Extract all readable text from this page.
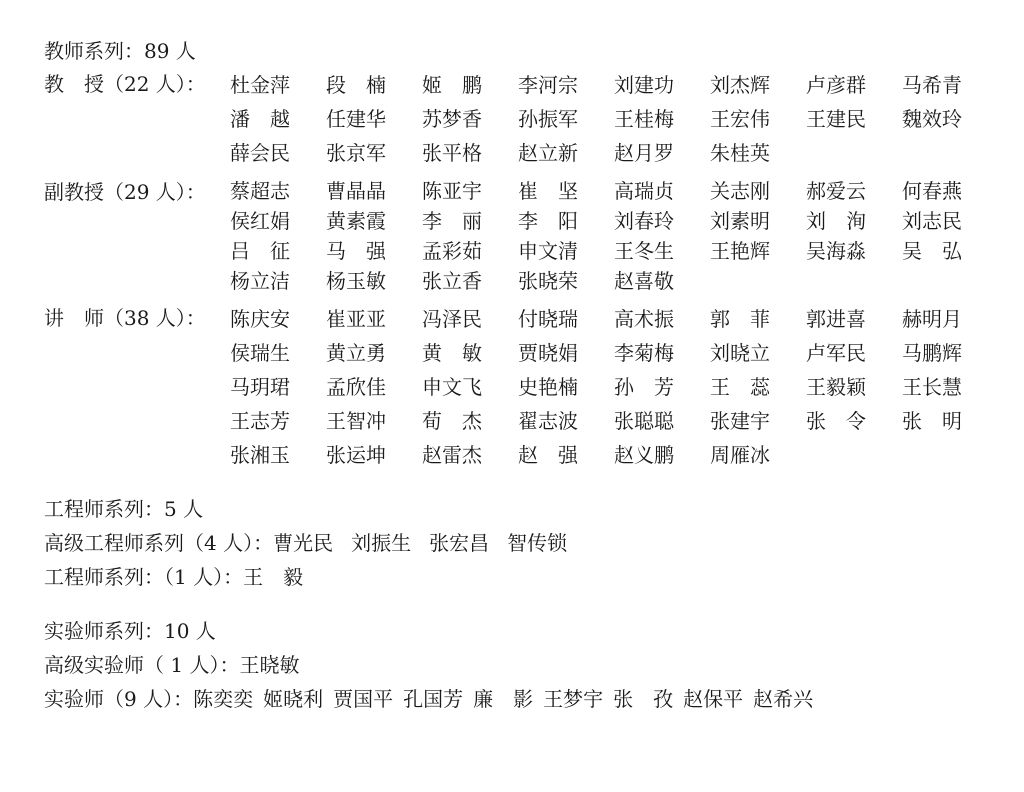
教师系列：89 人
教　授（22 人）：	杜金萍	段　楠	姬　鹏	李河宗	刘建功	刘杰辉	卢彦群	马希青
潘　越	任建华	苏梦香	孙振军	王桂梅	王宏伟	王建民	魏效玲
薛会民	张京军	张平格	赵立新	赵月罗	朱桂英
副教授（29 人）：	蔡超志	曹晶晶	陈亚宇	崔　坚	高瑞贞	关志刚	郝爱云	何春燕
侯红娟	黄素霞	李　丽	李　阳	刘春玲	刘素明	刘　洵	刘志民
吕　征	马　强	孟彩茹	申文清	王冬生	王艳辉	吴海淼	吴　弘
杨立洁	杨玉敏	张立香	张晓荣	赵喜敬
讲　师（38 人）：	陈庆安	崔亚亚	冯泽民	付晓瑞	高术振	郭　菲	郭进喜	赫明月
侯瑞生	黄立勇	黄　敏	贾晓娟	李菊梅	刘晓立	卢军民	马鹏辉
马玥珺	孟欣佳	申文飞	史艳楠	孙　芳	王　蕊	王毅颖	王长慧
王志芳	王智冲	荀　杰	翟志波	张聪聪	张建宇	张　令	张　明
张湘玉	张运坤	赵雷杰	赵　强	赵义鹏	周雁冰
工程师系列：5 人
高级工程师系列（4 人）：曹光民 刘振生 张宏昌 智传锁
工程师系列：（1 人）：王　毅
实验师系列：10 人
高级实验师（ 1 人）：王晓敏
实验师（9 人）：陈奕奕 姬晓利 贾国平 孔国芳 廉　影 王梦宇 张　孜 赵保平 赵希兴
